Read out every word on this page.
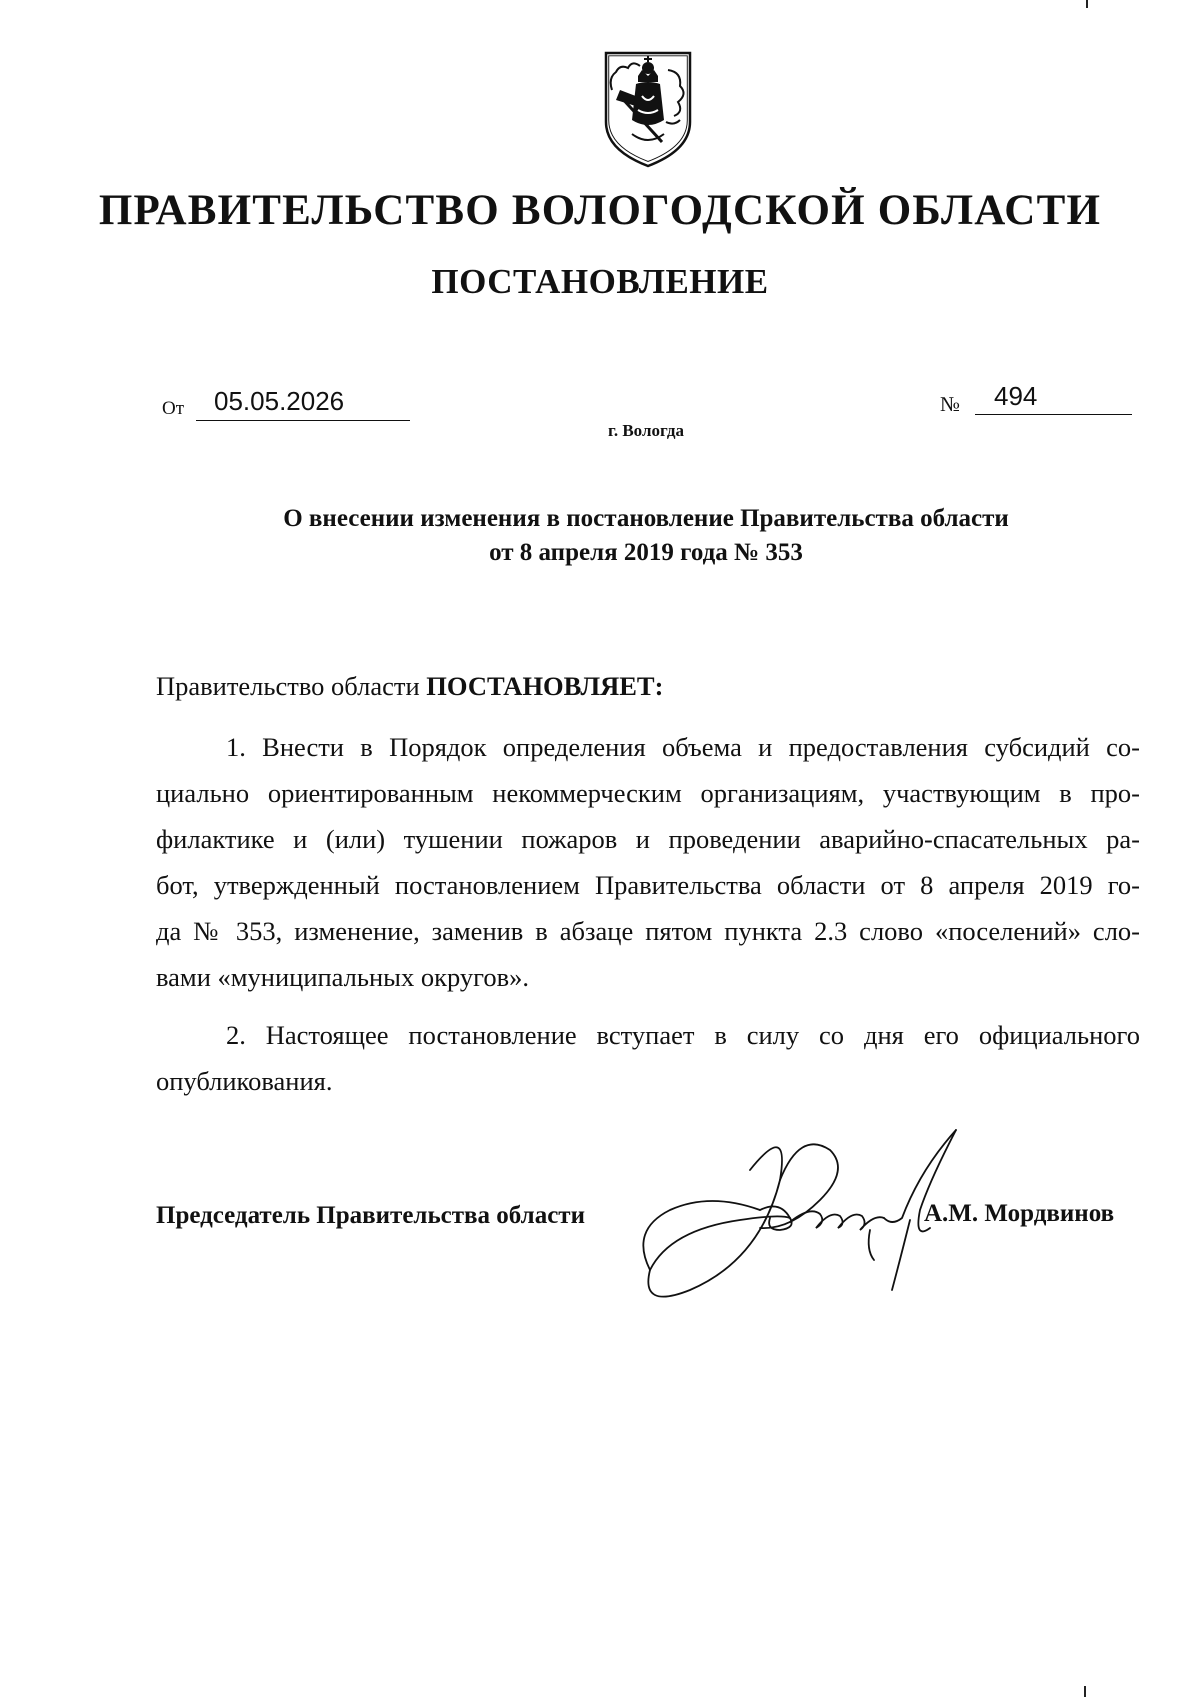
ПРАВИТЕЛЬСТВО ВОЛОГОДСКОЙ ОБЛАСТИ
ПОСТАНОВЛЕНИЕ
От 05.05.2026	№ 494
г. Вологда
О внесении изменения в постановление Правительства области
от 8 апреля 2019 года № 353
Правительство области ПОСТАНОВЛЯЕТ:
1. Внести в Порядок определения объема и предоставления субсидий со-
циально ориентированным некоммерческим организациям, участвующим в про-
филактике и (или) тушении пожаров и проведении аварийно-спасательных ра-
бот, утвержденный постановлением Правительства области от 8 апреля 2019 го-
да № 353, изменение, заменив в абзаце пятом пункта 2.3 слово «поселений» сло-
вами «муниципальных округов».
2. Настоящее постановление вступает в силу со дня его официального
опубликования.
Председатель Правительства области	А.М. Мордвинов
